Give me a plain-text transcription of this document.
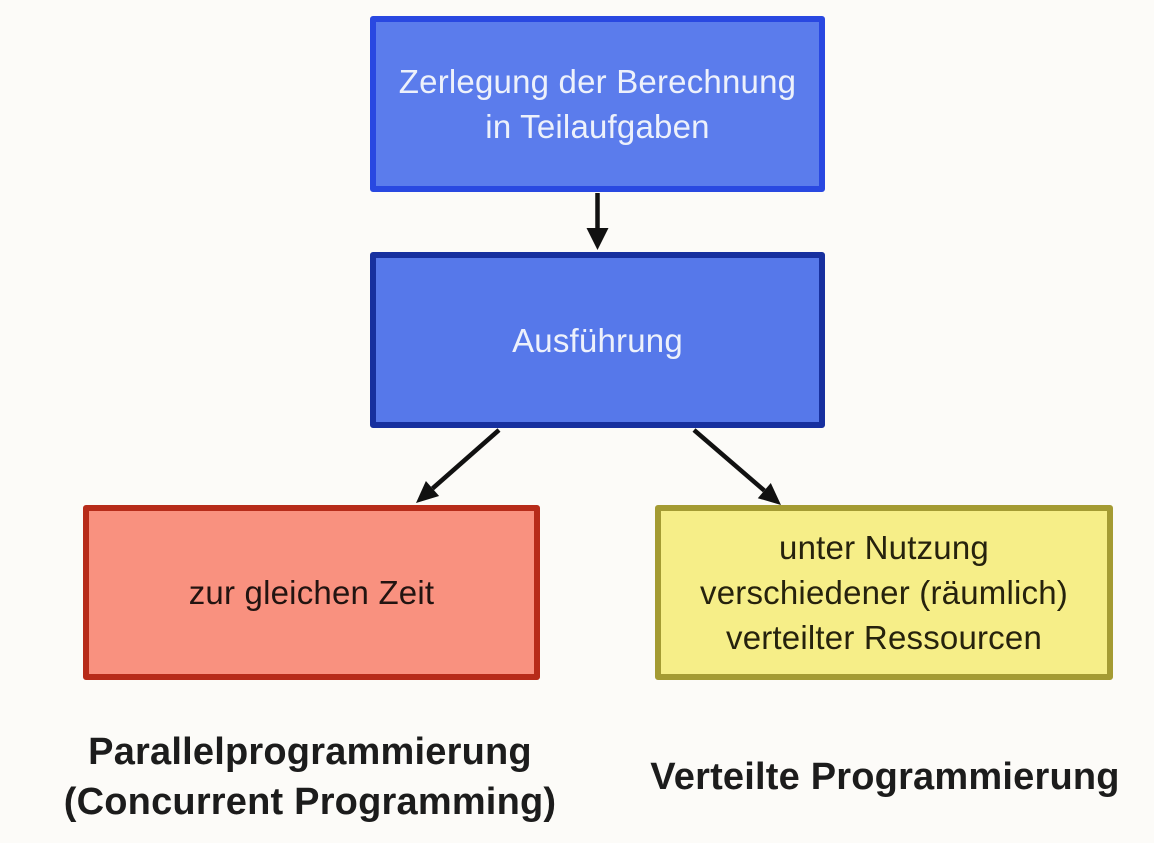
Zerlegung der Berechnung
in Teilaufgaben
Ausführung
zur gleichen Zeit
unter Nutzung
verschiedener (räumlich)
verteilter Ressourcen
Parallelprogrammierung
(Concurrent Programming)
Verteilte Programmierung
